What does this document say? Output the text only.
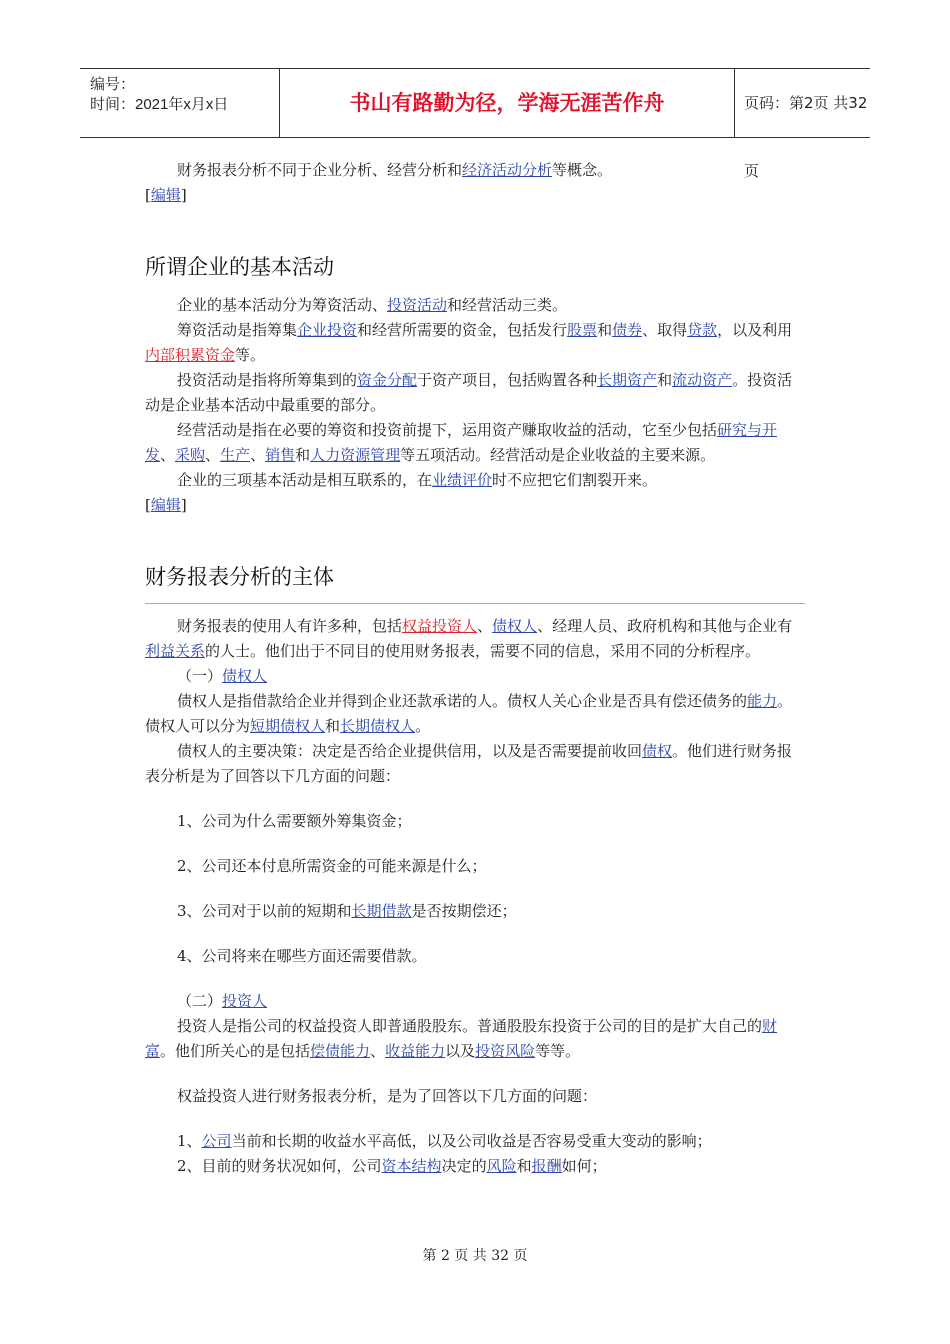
编号：
时间：2021年x月x日	书山有路勤为径，学海无涯苦作舟	页码：第2页 共32页

财务报表分析不同于企业分析、经营分析和经济活动分析等概念。

[编辑]

所谓企业的基本活动

企业的基本活动分为筹资活动、投资活动和经营活动三类。

筹资活动是指筹集企业投资和经营所需要的资金，包括发行股票和债券、取得贷款，以及利用内部积累资金等。

投资活动是指将所筹集到的资金分配于资产项目，包括购置各种长期资产和流动资产。投资活动是企业基本活动中最重要的部分。

经营活动是指在必要的筹资和投资前提下，运用资产赚取收益的活动，它至少包括研究与开发、采购、生产、销售和人力资源管理等五项活动。经营活动是企业收益的主要来源。

企业的三项基本活动是相互联系的，在业绩评价时不应把它们割裂开来。

[编辑]

财务报表分析的主体

财务报表的使用人有许多种，包括权益投资人、债权人、经理人员、政府机构和其他与企业有利益关系的人士。他们出于不同目的使用财务报表，需要不同的信息，采用不同的分析程序。

（一）债权人

债权人是指借款给企业并得到企业还款承诺的人。债权人关心企业是否具有偿还债务的能力。债权人可以分为短期债权人和长期债权人。

债权人的主要决策：决定是否给企业提供信用，以及是否需要提前收回债权。他们进行财务报表分析是为了回答以下几方面的问题：

1、公司为什么需要额外筹集资金；

2、公司还本付息所需资金的可能来源是什么；

3、公司对于以前的短期和长期借款是否按期偿还；

4、公司将来在哪些方面还需要借款。

（二）投资人

投资人是指公司的权益投资人即普通股股东。普通股股东投资于公司的目的是扩大自己的财富。他们所关心的是包括偿债能力、收益能力以及投资风险等等。

权益投资人进行财务报表分析，是为了回答以下几方面的问题：

1、公司当前和长期的收益水平高低，以及公司收益是否容易受重大变动的影响；

2、目前的财务状况如何，公司资本结构决定的风险和报酬如何；

第 2 页 共 32 页
